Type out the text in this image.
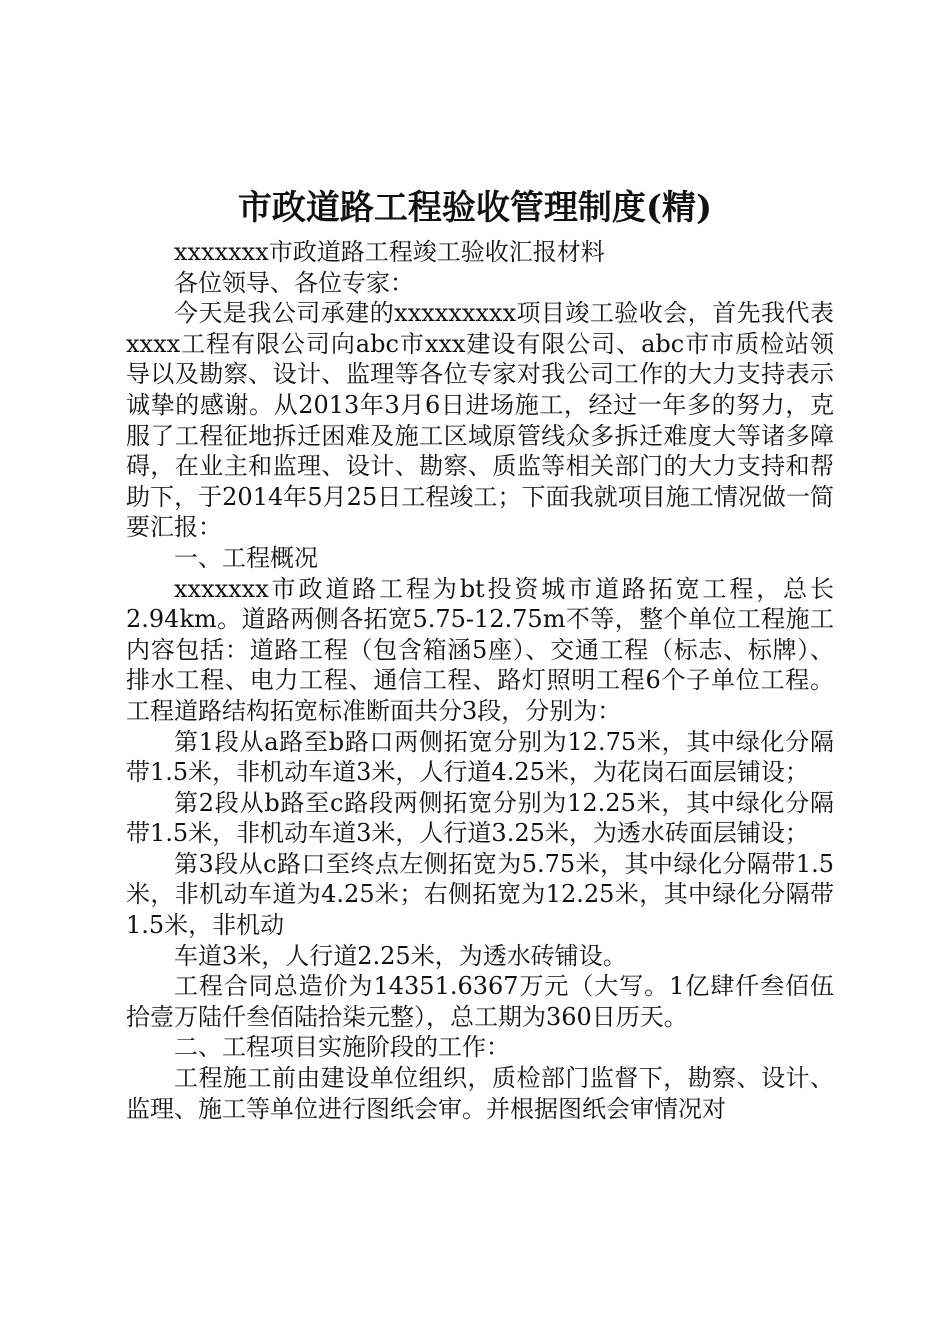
市政道路工程验收管理制度(精)

xxxxxxx市政道路工程竣工验收汇报材料

各位领导、各位专家：

今天是我公司承建的xxxxxxxxx项目竣工验收会，首先我代表xxxx工程有限公司向abc市xxx建设有限公司、abc市市质检站领导以及勘察、设计、监理等各位专家对我公司工作的大力支持表示诚挚的感谢。从2013年3月6日进场施工，经过一年多的努力，克服了工程征地拆迁困难及施工区域原管线众多拆迁难度大等诸多障碍，在业主和监理、设计、勘察、质监等相关部门的大力支持和帮助下，于2014年5月25日工程竣工；下面我就项目施工情况做一简要汇报：

一、工程概况

xxxxxxx市政道路工程为bt投资城市道路拓宽工程，总长2.94km。道路两侧各拓宽5.75-12.75m不等，整个单位工程施工内容包括：道路工程（包含箱涵5座）、交通工程（标志、标牌）、排水工程、电力工程、通信工程、路灯照明工程6个子单位工程。工程道路结构拓宽标准断面共分3段，分别为：

第1段从a路至b路口两侧拓宽分别为12.75米，其中绿化分隔带1.5米，非机动车道3米，人行道4.25米，为花岗石面层铺设；

第2段从b路至c路段两侧拓宽分别为12.25米，其中绿化分隔带1.5米，非机动车道3米，人行道3.25米，为透水砖面层铺设；

第3段从c路口至终点左侧拓宽为5.75米，其中绿化分隔带1.5米，非机动车道为4.25米；右侧拓宽为12.25米，其中绿化分隔带1.5米，非机动

车道3米，人行道2.25米，为透水砖铺设。

工程合同总造价为14351.6367万元（大写。1亿肆仟叁佰伍拾壹万陆仟叁佰陆拾柒元整），总工期为360日历天。

二、工程项目实施阶段的工作：

工程施工前由建设单位组织，质检部门监督下，勘察、设计、监理、施工等单位进行图纸会审。并根据图纸会审情况对
